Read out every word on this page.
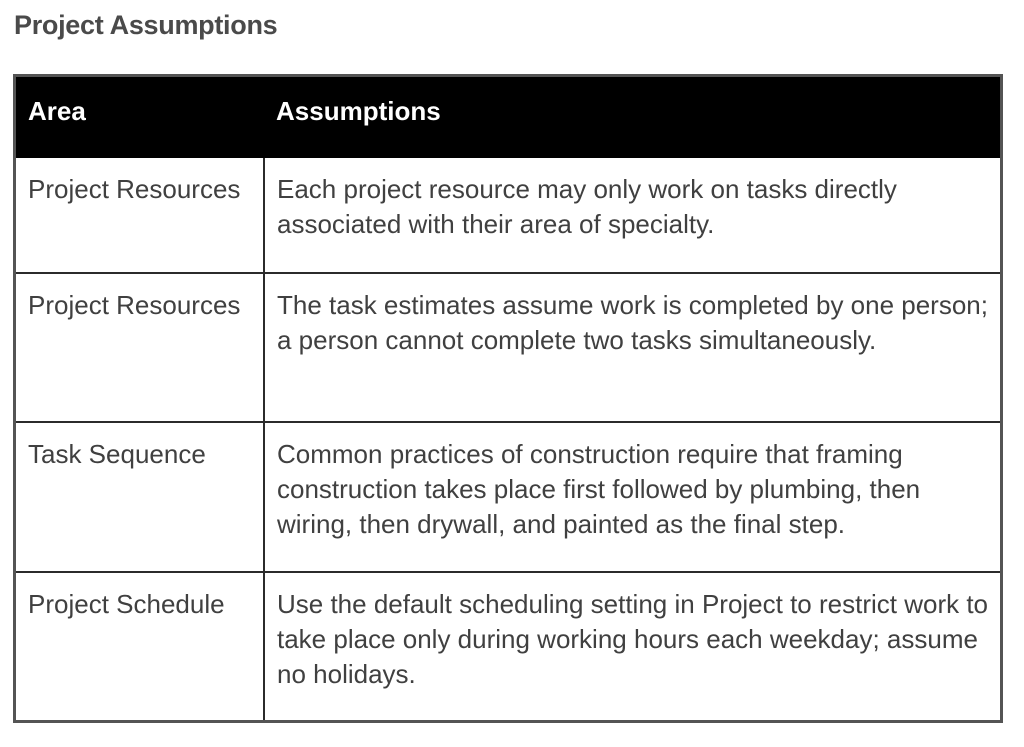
Project Assumptions
Area	Assumptions
Project Resources	Each project resource may only work on tasks directly associated with their area of specialty.
Project Resources	The task estimates assume work is completed by one person; a person cannot complete two tasks simultaneously.
Task Sequence	Common practices of construction require that framing construction takes place first followed by plumbing, then wiring, then drywall, and painted as the final step.
Project Schedule	Use the default scheduling setting in Project to restrict work to take place only during working hours each weekday; assume no holidays.
